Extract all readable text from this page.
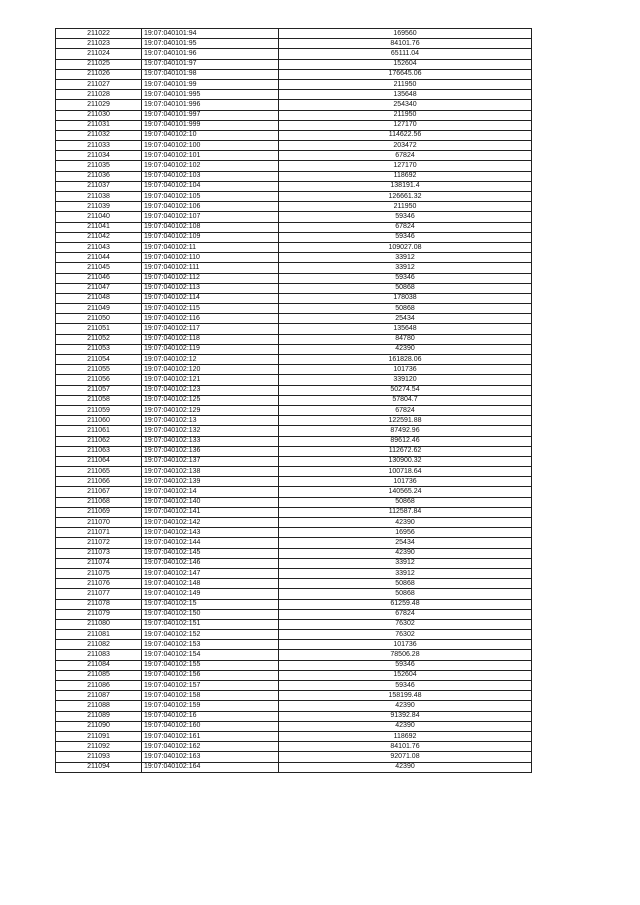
211022	19:07:040101:94	169560
211023	19:07:040101:95	84101.76
211024	19:07:040101:96	65111.04
211025	19:07:040101:97	152604
211026	19:07:040101:98	176645.06
211027	19:07:040101:99	211950
211028	19:07:040101:995	135648
211029	19:07:040101:996	254340
211030	19:07:040101:997	211950
211031	19:07:040101:999	127170
211032	19:07:040102:10	114622.56
211033	19:07:040102:100	203472
211034	19:07:040102:101	67824
211035	19:07:040102:102	127170
211036	19:07:040102:103	118692
211037	19:07:040102:104	138191.4
211038	19:07:040102:105	126661.32
211039	19:07:040102:106	211950
211040	19:07:040102:107	59346
211041	19:07:040102:108	67824
211042	19:07:040102:109	59346
211043	19:07:040102:11	109027.08
211044	19:07:040102:110	33912
211045	19:07:040102:111	33912
211046	19:07:040102:112	59346
211047	19:07:040102:113	50868
211048	19:07:040102:114	178038
211049	19:07:040102:115	50868
211050	19:07:040102:116	25434
211051	19:07:040102:117	135648
211052	19:07:040102:118	84780
211053	19:07:040102:119	42390
211054	19:07:040102:12	161828.06
211055	19:07:040102:120	101736
211056	19:07:040102:121	339120
211057	19:07:040102:123	50274.54
211058	19:07:040102:125	57804.7
211059	19:07:040102:129	67824
211060	19:07:040102:13	122591.88
211061	19:07:040102:132	87492.96
211062	19:07:040102:133	89612.46
211063	19:07:040102:136	112672.62
211064	19:07:040102:137	130900.32
211065	19:07:040102:138	100718.64
211066	19:07:040102:139	101736
211067	19:07:040102:14	140565.24
211068	19:07:040102:140	50868
211069	19:07:040102:141	112587.84
211070	19:07:040102:142	42390
211071	19:07:040102:143	16956
211072	19:07:040102:144	25434
211073	19:07:040102:145	42390
211074	19:07:040102:146	33912
211075	19:07:040102:147	33912
211076	19:07:040102:148	50868
211077	19:07:040102:149	50868
211078	19:07:040102:15	61259.48
211079	19:07:040102:150	67824
211080	19:07:040102:151	76302
211081	19:07:040102:152	76302
211082	19:07:040102:153	101736
211083	19:07:040102:154	78506.28
211084	19:07:040102:155	59346
211085	19:07:040102:156	152604
211086	19:07:040102:157	59346
211087	19:07:040102:158	158199.48
211088	19:07:040102:159	42390
211089	19:07:040102:16	91392.84
211090	19:07:040102:160	42390
211091	19:07:040102:161	118692
211092	19:07:040102:162	84101.76
211093	19:07:040102:163	92071.08
211094	19:07:040102:164	42390
